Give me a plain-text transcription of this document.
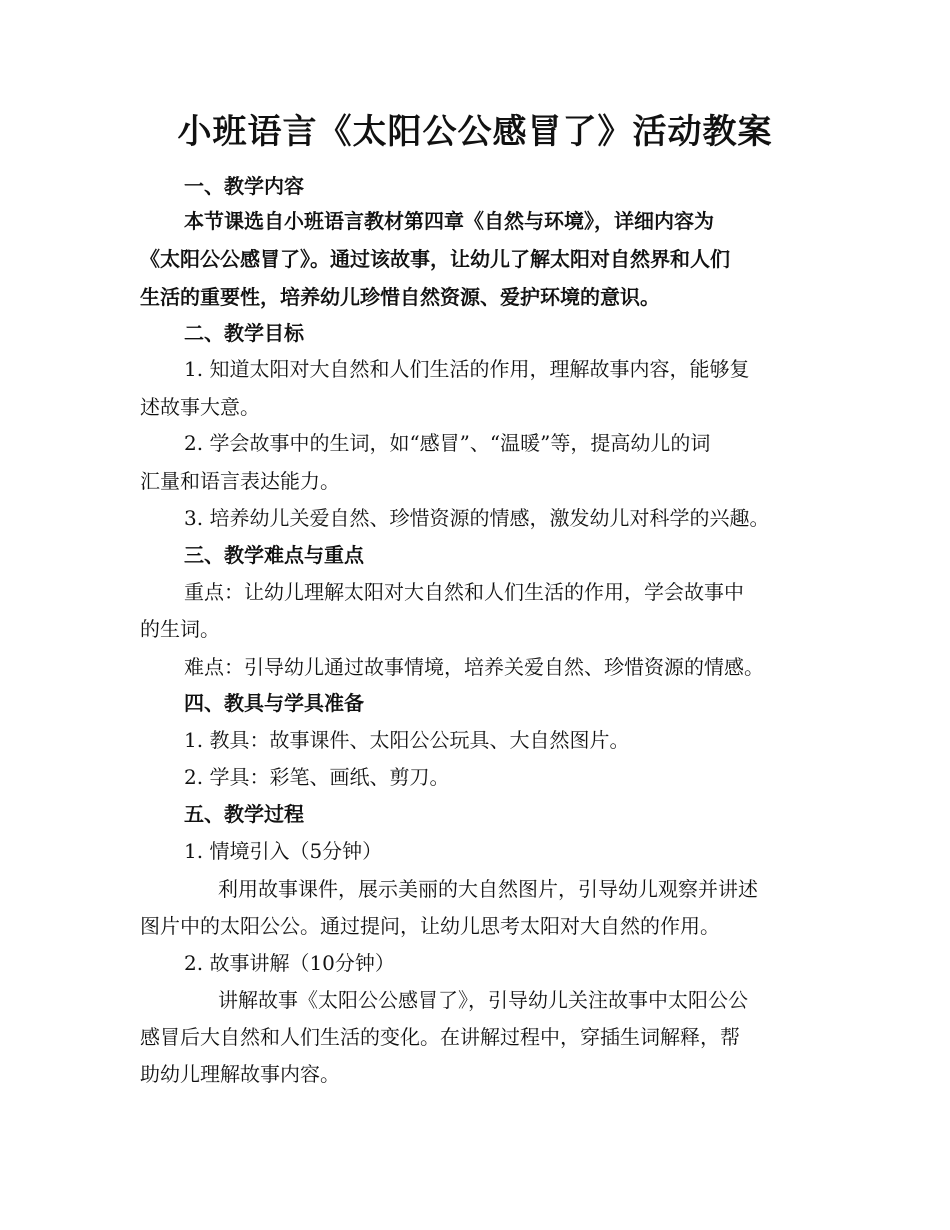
小班语言《太阳公公感冒了》活动教案
一、教学内容
本节课选自小班语言教材第四章《自然与环境》，详细内容为
《太阳公公感冒了》。通过该故事，让幼儿了解太阳对自然界和人们
生活的重要性，培养幼儿珍惜自然资源、爱护环境的意识。
二、教学目标
1. 知道太阳对大自然和人们生活的作用，理解故事内容，能够复
述故事大意。
2. 学会故事中的生词，如“感冒”、“温暖”等，提高幼儿的词
汇量和语言表达能力。
3. 培养幼儿关爱自然、珍惜资源的情感，激发幼儿对科学的兴趣。
三、教学难点与重点
重点：让幼儿理解太阳对大自然和人们生活的作用，学会故事中
的生词。
难点：引导幼儿通过故事情境，培养关爱自然、珍惜资源的情感。
四、教具与学具准备
1. 教具：故事课件、太阳公公玩具、大自然图片。
2. 学具：彩笔、画纸、剪刀。
五、教学过程
1. 情境引入（5分钟）
利用故事课件，展示美丽的大自然图片，引导幼儿观察并讲述
图片中的太阳公公。通过提问，让幼儿思考太阳对大自然的作用。
2. 故事讲解（10分钟）
讲解故事《太阳公公感冒了》，引导幼儿关注故事中太阳公公
感冒后大自然和人们生活的变化。在讲解过程中，穿插生词解释，帮
助幼儿理解故事内容。
